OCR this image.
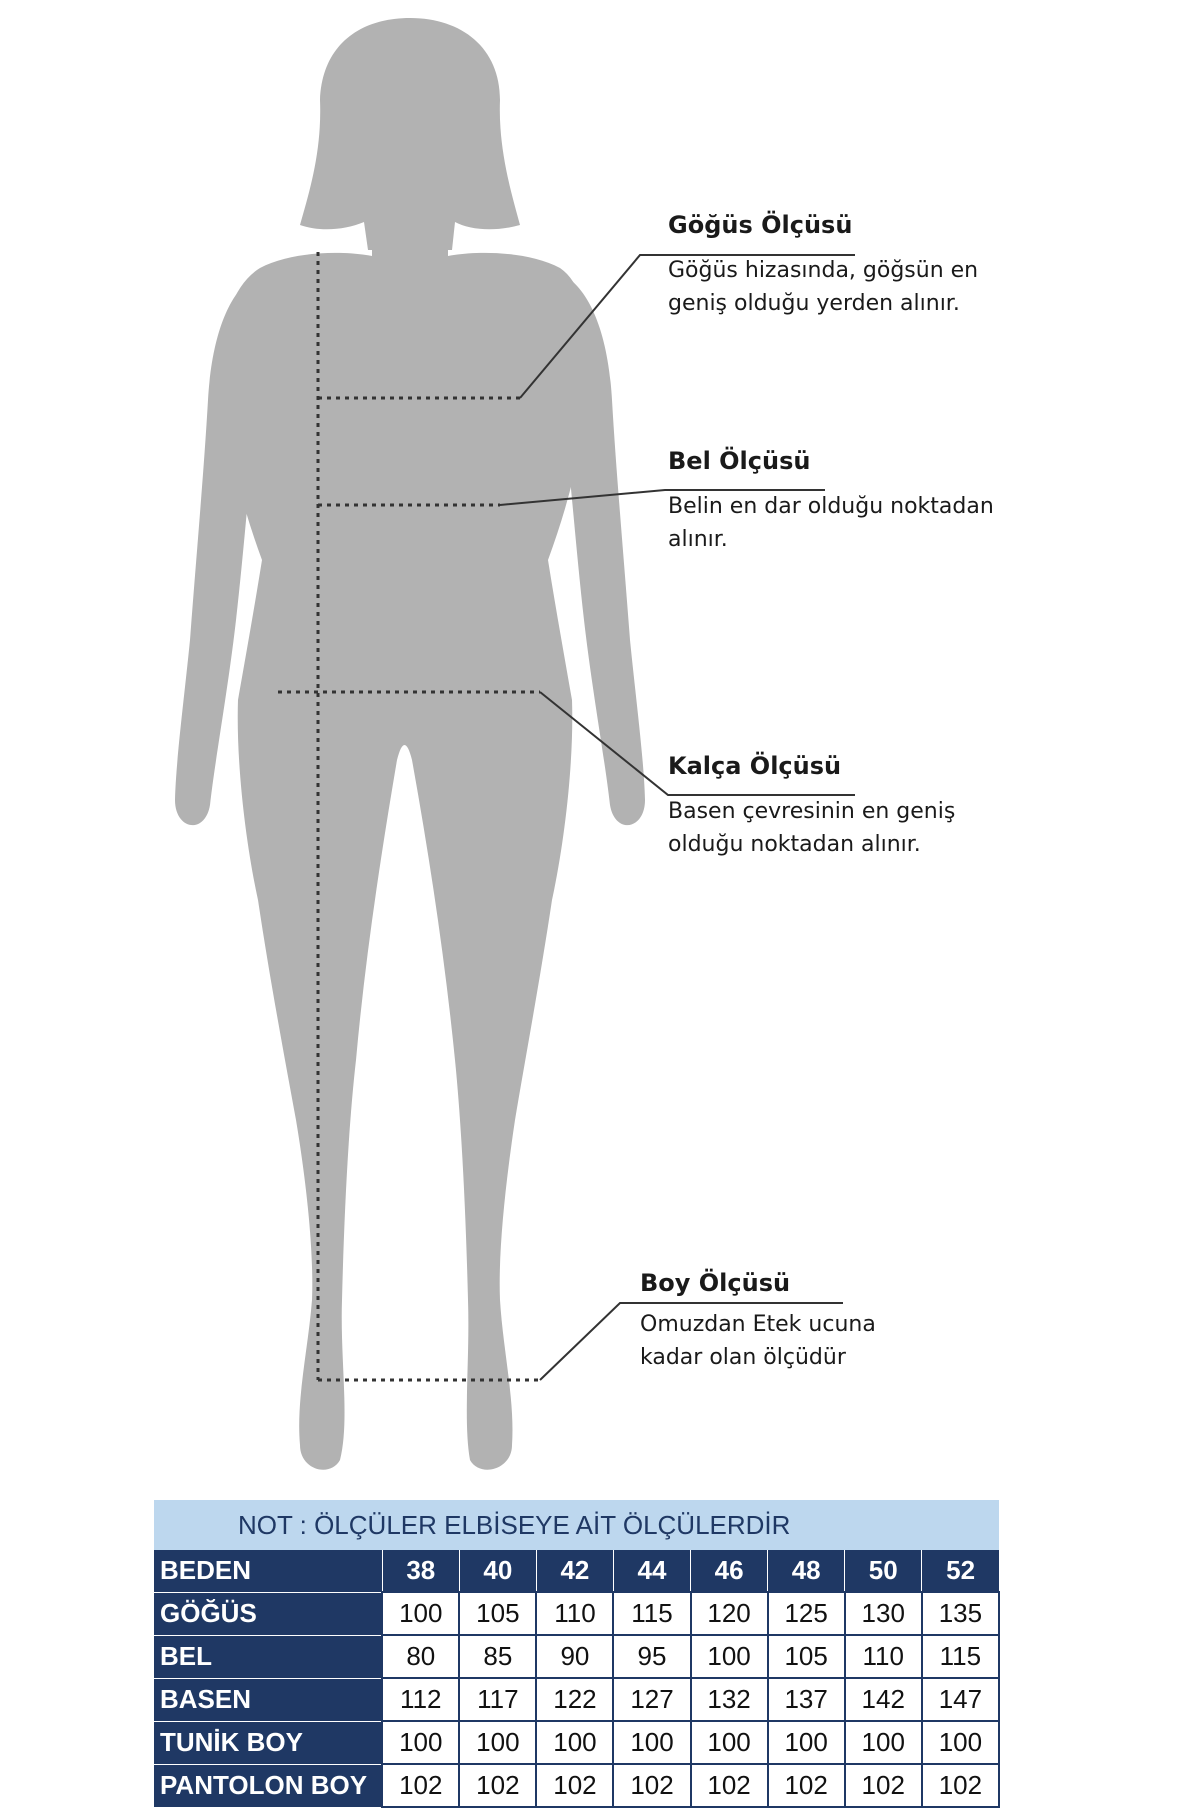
Göğüs Ölçüsü
Göğüs hizasında, göğsün en
geniş olduğu yerden alınır.
Bel Ölçüsü
Belin en dar olduğu noktadan
alınır.
Kalça Ölçüsü
Basen çevresinin en geniş
olduğu noktadan alınır.
Boy Ölçüsü
Omuzdan Etek ucuna
kadar olan ölçüdür
NOT : ÖLÇÜLER ELBİSEYE AİT ÖLÇÜLERDİR								
BEDEN	38	40	42	44	46	48	50	52
GÖĞÜS	100	105	110	115	120	125	130	135
BEL	80	85	90	95	100	105	110	115
BASEN	112	117	122	127	132	137	142	147
TUNİK BOY	100	100	100	100	100	100	100	100
PANTOLON BOY	102	102	102	102	102	102	102	102
